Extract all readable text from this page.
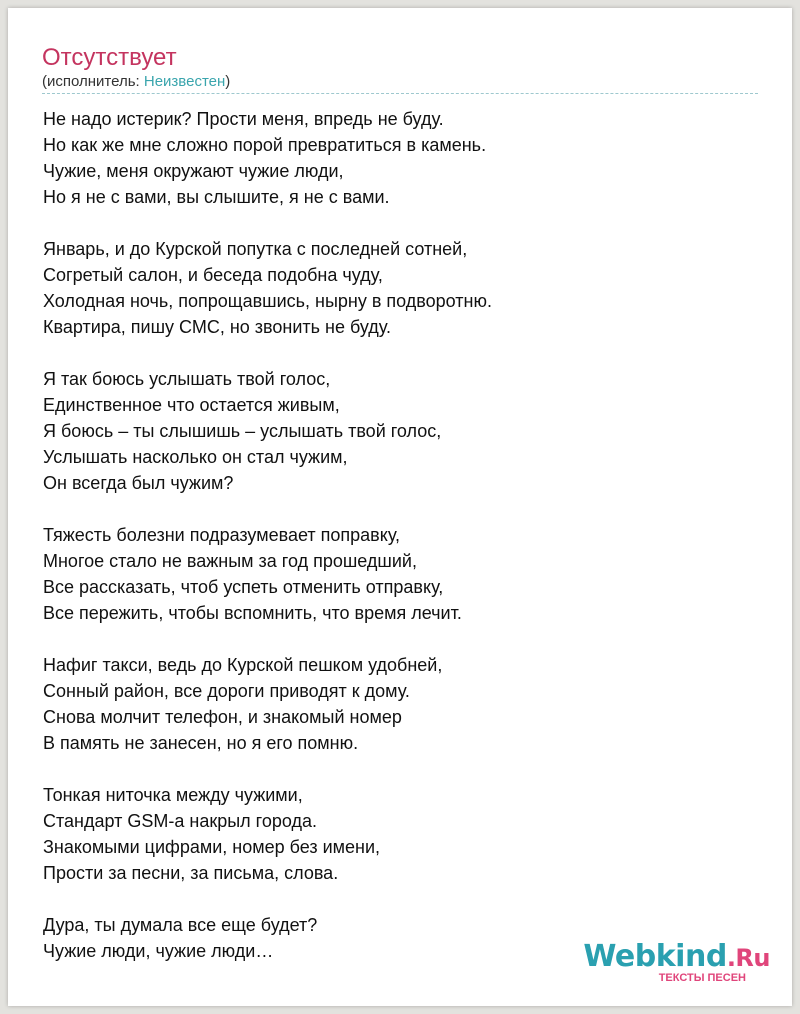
Отсутствует
(исполнитель: Неизвестен)
Не надо истерик? Прости меня, впредь не буду.
Но как же мне сложно порой превратиться в камень.
Чужие, меня окружают чужие люди,
Но я не с вами, вы слышите, я не с вами.
Январь, и до Курской попутка с последней сотней,
Согретый салон, и беседа подобна чуду,
Холодная ночь, попрощавшись, нырну в подворотню.
Квартира, пишу СМС, но звонить не буду.
Я так боюсь услышать твой голос,
Единственное что остается живым,
Я боюсь – ты слышишь – услышать твой голос,
Услышать насколько он стал чужим,
Он всегда был чужим?
Тяжесть болезни подразумевает поправку,
Многое стало не важным за год прошедший,
Все рассказать, чтоб успеть отменить отправку,
Все пережить, чтобы вспомнить, что время лечит.
Нафиг такси, ведь до Курской пешком удобней,
Сонный район, все дороги приводят к дому.
Снова молчит телефон, и знакомый номер
В память не занесен, но я его помню.
Тонкая ниточка между чужими,
Стандарт GSM-а накрыл города.
Знакомыми цифрами, номер без имени,
Прости за песни, за письма, слова.
Дура, ты думала все еще будет?
Чужие люди, чужие люди…	Webkind.Ru
ТЕКСТЫ ПЕСЕН
